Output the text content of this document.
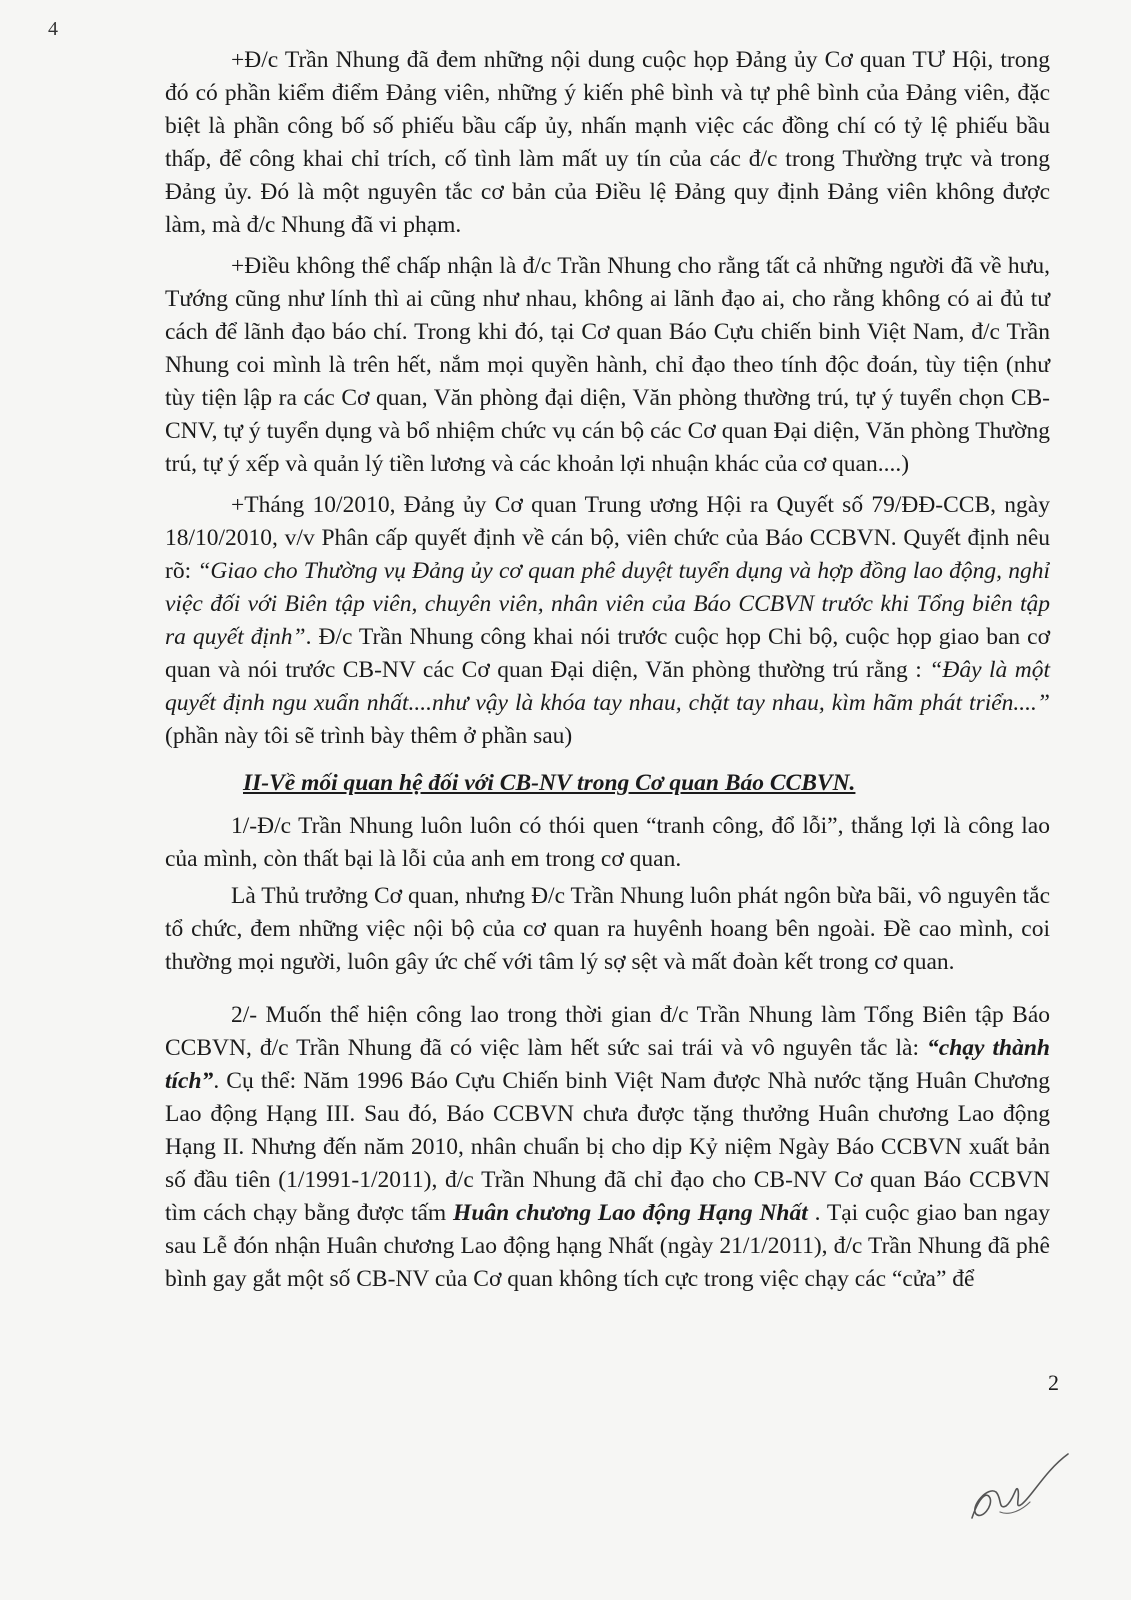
4

+Đ/c Trần Nhung đã đem những nội dung cuộc họp Đảng ủy Cơ quan TƯ Hội, trong đó có phần kiểm điểm Đảng viên, những ý kiến phê bình và tự phê bình của Đảng viên, đặc biệt là phần công bố số phiếu bầu cấp ủy, nhấn mạnh việc các đồng chí có tỷ lệ phiếu bầu thấp, để công khai chỉ trích, cố tình làm mất uy tín của các đ/c trong Thường trực và trong Đảng ủy. Đó là một nguyên tắc cơ bản của Điều lệ Đảng quy định Đảng viên không được làm, mà đ/c Nhung đã vi phạm.

+Điều không thể chấp nhận là đ/c Trần Nhung cho rằng tất cả những người đã về hưu, Tướng cũng như lính thì ai cũng như nhau, không ai lãnh đạo ai, cho rằng không có ai đủ tư cách để lãnh đạo báo chí. Trong khi đó, tại Cơ quan Báo Cựu chiến binh Việt Nam, đ/c Trần Nhung coi mình là trên hết, nắm mọi quyền hành, chỉ đạo theo tính độc đoán, tùy tiện (như tùy tiện lập ra các Cơ quan, Văn phòng đại diện, Văn phòng thường trú, tự ý tuyển chọn CB-CNV, tự ý tuyển dụng và bổ nhiệm chức vụ cán bộ các Cơ quan Đại diện, Văn phòng Thường trú, tự ý xếp và quản lý tiền lương và các khoản lợi nhuận khác của cơ quan....)

+Tháng 10/2010, Đảng ủy Cơ quan Trung ương Hội ra Quyết số 79/ĐĐ-CCB, ngày 18/10/2010, v/v Phân cấp quyết định về cán bộ, viên chức của Báo CCBVN. Quyết định nêu rõ: “Giao cho Thường vụ Đảng ủy cơ quan phê duyệt tuyển dụng và hợp đồng lao động, nghỉ việc đối với Biên tập viên, chuyên viên, nhân viên của Báo CCBVN trước khi Tổng biên tập ra quyết định”. Đ/c Trần Nhung công khai nói trước cuộc họp Chi bộ, cuộc họp giao ban cơ quan và nói trước CB-NV các Cơ quan Đại diện, Văn phòng thường trú rằng : “Đây là một quyết định ngu xuẩn nhất....như vậy là khóa tay nhau, chặt tay nhau, kìm hãm phát triển....” (phần này tôi sẽ trình bày thêm ở phần sau)

II-Về mối quan hệ đối với CB-NV trong Cơ quan Báo CCBVN.

1/-Đ/c Trần Nhung luôn luôn có thói quen “tranh công, đổ lỗi”, thắng lợi là công lao của mình, còn thất bại là lỗi của anh em trong cơ quan.

Là Thủ trưởng Cơ quan, nhưng Đ/c Trần Nhung luôn phát ngôn bừa bãi, vô nguyên tắc tổ chức, đem những việc nội bộ của cơ quan ra huyênh hoang bên ngoài. Đề cao mình, coi thường mọi người, luôn gây ức chế với tâm lý sợ sệt và mất đoàn kết trong cơ quan.

2/- Muốn thể hiện công lao trong thời gian đ/c Trần Nhung làm Tổng Biên tập Báo CCBVN, đ/c Trần Nhung đã có việc làm hết sức sai trái và vô nguyên tắc là: “chạy thành tích”. Cụ thể: Năm 1996 Báo Cựu Chiến binh Việt Nam được Nhà nước tặng Huân Chương Lao động Hạng III. Sau đó, Báo CCBVN chưa được tặng thưởng Huân chương Lao động Hạng II. Nhưng đến năm 2010, nhân chuẩn bị cho dịp Kỷ niệm Ngày Báo CCBVN xuất bản số đầu tiên (1/1991-1/2011), đ/c Trần Nhung đã chỉ đạo cho CB-NV Cơ quan Báo CCBVN tìm cách chạy bằng được tấm Huân chương Lao động Hạng Nhất . Tại cuộc giao ban ngay sau Lễ đón nhận Huân chương Lao động hạng Nhất (ngày 21/1/2011), đ/c Trần Nhung đã phê bình gay gắt một số CB-NV của Cơ quan không tích cực trong việc chạy các “cửa” để

2
